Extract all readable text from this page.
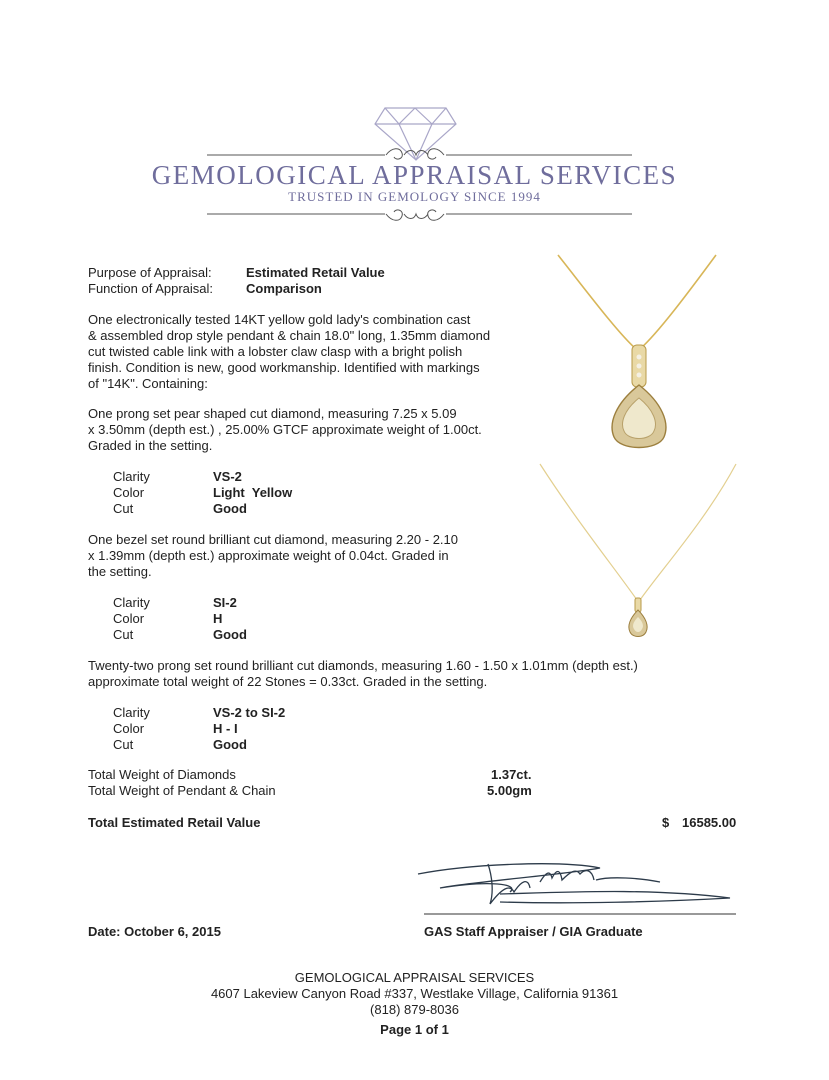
GEMOLOGICAL APPRAISAL SERVICES
TRUSTED IN GEMOLOGY SINCE 1994
Purpose of Appraisal:	Estimated Retail Value
Function of Appraisal:	Comparison
One electronically tested 14KT yellow gold lady's combination cast
& assembled drop style pendant & chain 18.0" long, 1.35mm diamond
cut twisted cable link with a lobster claw clasp with a bright polish
finish. Condition is new, good workmanship. Identified with markings
of "14K". Containing:
One prong set pear shaped cut diamond, measuring 7.25 x 5.09
x 3.50mm (depth est.) , 25.00% GTCF approximate weight of 1.00ct.
Graded in the setting.
Clarity	VS-2
Color	Light  Yellow
Cut	Good
One bezel set round brilliant cut diamond, measuring 2.20 - 2.10
x 1.39mm (depth est.) approximate weight of 0.04ct. Graded in
the setting.
Clarity	SI-2
Color	H
Cut	Good
Twenty-two prong set round brilliant cut diamonds, measuring 1.60 - 1.50 x 1.01mm (depth est.)
approximate total weight of 22 Stones = 0.33ct. Graded in the setting.
Clarity	VS-2 to SI-2
Color	H - I
Cut	Good
Total Weight of Diamonds	1.37ct.
Total Weight of Pendant & Chain	5.00gm
Total Estimated Retail Value	$ 16585.00
Date: October 6, 2015	GAS Staff Appraiser / GIA Graduate
GEMOLOGICAL APPRAISAL SERVICES
4607 Lakeview Canyon Road #337, Westlake Village, California 91361
(818) 879-8036
Page 1 of 1
